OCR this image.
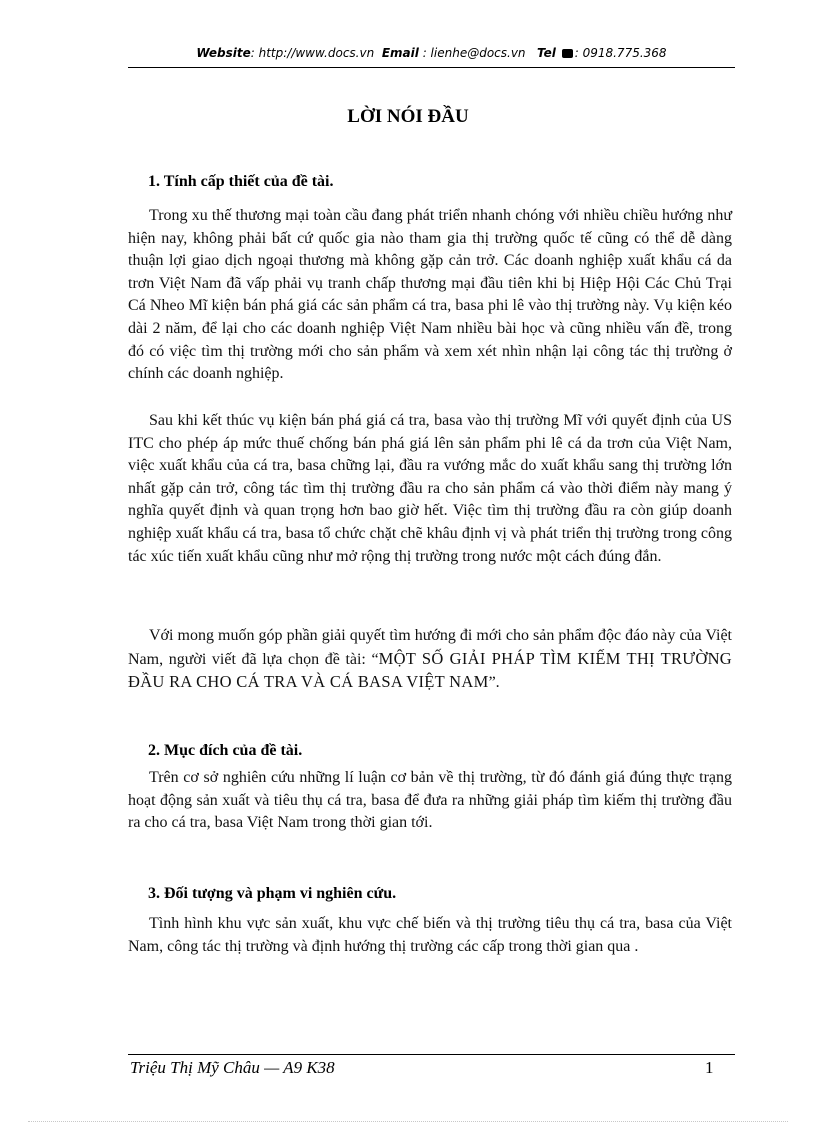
Website: http://www.docs.vn Email : lienhe@docs.vn Tel : 0918.775.368
LỜI NÓI ĐẦU
1. Tính cấp thiết của đề tài.
Trong xu thế thương mại toàn cầu đang phát triển nhanh chóng với nhiều chiều hướng như hiện nay, không phải bất cứ quốc gia nào tham gia thị trường quốc tế cũng có thể dễ dàng thuận lợi giao dịch ngoại thương mà không gặp cản trở. Các doanh nghiệp xuất khẩu cá da trơn Việt Nam đã vấp phải vụ tranh chấp thương mại đầu tiên khi bị Hiệp Hội Các Chủ Trại Cá Nheo Mĩ kiện bán phá giá các sản phẩm cá tra, basa phi lê vào thị trường này. Vụ kiện kéo dài 2 năm, để lại cho các doanh nghiệp Việt Nam nhiều bài học và cũng nhiều vấn đề, trong đó có việc tìm thị trường mới cho sản phẩm và xem xét nhìn nhận lại công tác thị trường ở chính các doanh nghiệp.
Sau khi kết thúc vụ kiện bán phá giá cá tra, basa vào thị trường Mĩ với quyết định của US ITC cho phép áp mức thuế chống bán phá giá lên sản phẩm phi lê cá da trơn của Việt Nam, việc xuất khẩu của cá tra, basa chững lại, đầu ra vướng mắc do xuất khẩu sang thị trường lớn nhất gặp cản trở, công tác tìm thị trường đầu ra cho sản phẩm cá vào thời điểm này mang ý nghĩa quyết định và quan trọng hơn bao giờ hết. Việc tìm thị trường đầu ra còn giúp doanh nghiệp xuất khẩu cá tra, basa tổ chức chặt chẽ khâu định vị và phát triển thị trường trong công tác xúc tiến xuất khẩu cũng như mở rộng thị trường trong nước một cách đúng đắn.
Với mong muốn góp phần giải quyết tìm hướng đi mới cho sản phẩm độc đáo này của Việt Nam, người viết đã lựa chọn đề tài: “MỘT SỐ GIẢI PHÁP TÌM KIẾM THỊ TRƯỜNG ĐẦU RA CHO CÁ TRA VÀ CÁ BASA VIỆT NAM”.
2. Mục đích của đề tài.
Trên cơ sở nghiên cứu những lí luận cơ bản về thị trường, từ đó đánh giá đúng thực trạng hoạt động sản xuất và tiêu thụ cá tra, basa để đưa ra những giải pháp tìm kiếm thị trường đầu ra cho cá tra, basa Việt Nam trong thời gian tới.
3. Đối tượng và phạm vi nghiên cứu.
Tình hình khu vực sản xuất, khu vực chế biến và thị trường tiêu thụ cá tra, basa của Việt Nam, công tác thị trường và định hướng thị trường các cấp trong thời gian qua .
Triệu Thị Mỹ Châu — A9 K38	1
